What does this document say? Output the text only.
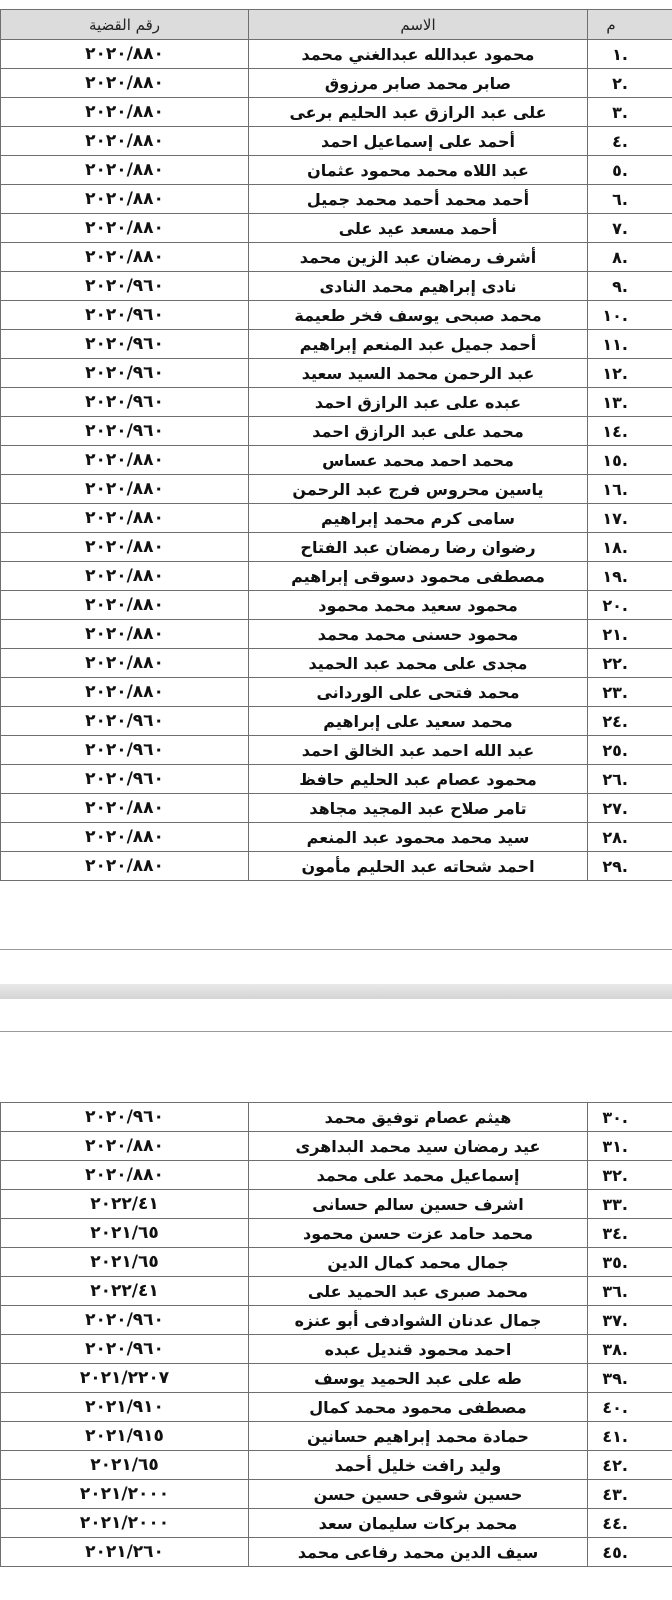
رقم القضية	الاسم	م
٢٠٢٠/٨٨٠	محمود عبدالله عبدالغني محمد	١.
٢٠٢٠/٨٨٠	صابر محمد صابر مرزوق	٢.
٢٠٢٠/٨٨٠	على عبد الرازق عبد الحليم برعى	٣.
٢٠٢٠/٨٨٠	أحمد على إسماعيل احمد	٤.
٢٠٢٠/٨٨٠	عبد اللاه محمد محمود عثمان	٥.
٢٠٢٠/٨٨٠	أحمد محمد أحمد محمد جميل	٦.
٢٠٢٠/٨٨٠	أحمد مسعد عيد على	٧.
٢٠٢٠/٨٨٠	أشرف رمضان عبد الزين محمد	٨.
٢٠٢٠/٩٦٠	نادى إبراهيم محمد النادى	٩.
٢٠٢٠/٩٦٠	محمد صبحى يوسف فخر طعيمة	١٠.
٢٠٢٠/٩٦٠	أحمد جميل عبد المنعم إبراهيم	١١.
٢٠٢٠/٩٦٠	عبد الرحمن محمد السيد سعيد	١٢.
٢٠٢٠/٩٦٠	عبده على عبد الرازق احمد	١٣.
٢٠٢٠/٩٦٠	محمد على عبد الرازق احمد	١٤.
٢٠٢٠/٨٨٠	محمد احمد محمد عساس	١٥.
٢٠٢٠/٨٨٠	ياسين محروس فرج عبد الرحمن	١٦.
٢٠٢٠/٨٨٠	سامى كرم محمد إبراهيم	١٧.
٢٠٢٠/٨٨٠	رضوان رضا رمضان عبد الفتاح	١٨.
٢٠٢٠/٨٨٠	مصطفى محمود دسوقى إبراهيم	١٩.
٢٠٢٠/٨٨٠	محمود سعيد محمد محمود	٢٠.
٢٠٢٠/٨٨٠	محمود حسنى محمد محمد	٢١.
٢٠٢٠/٨٨٠	مجدى على محمد عبد الحميد	٢٢.
٢٠٢٠/٨٨٠	محمد فتحى على الوردانى	٢٣.
٢٠٢٠/٩٦٠	محمد سعيد على إبراهيم	٢٤.
٢٠٢٠/٩٦٠	عبد الله احمد عبد الخالق احمد	٢٥.
٢٠٢٠/٩٦٠	محمود عصام عبد الحليم حافظ	٢٦.
٢٠٢٠/٨٨٠	تامر صلاح عبد المجيد مجاهد	٢٧.
٢٠٢٠/٨٨٠	سيد محمد محمود عبد المنعم	٢٨.
٢٠٢٠/٨٨٠	احمد شحاته عبد الحليم مأمون	٢٩.
٢٠٢٠/٩٦٠	هيثم عصام توفيق محمد	٣٠.
٢٠٢٠/٨٨٠	عيد رمضان سيد محمد البداهرى	٣١.
٢٠٢٠/٨٨٠	إسماعيل محمد على محمد	٣٢.
٢٠٢٢/٤١	اشرف حسين سالم حسانى	٣٣.
٢٠٢١/٦٥	محمد حامد عزت حسن محمود	٣٤.
٢٠٢١/٦٥	جمال محمد كمال الدين	٣٥.
٢٠٢٢/٤١	محمد صبرى عبد الحميد على	٣٦.
٢٠٢٠/٩٦٠	جمال عدنان الشوادفى أبو عنزه	٣٧.
٢٠٢٠/٩٦٠	احمد محمود قنديل عبده	٣٨.
٢٠٢١/٢٢٠٧	طه على عبد الحميد يوسف	٣٩.
٢٠٢١/٩١٠	مصطفى محمود محمد كمال	٤٠.
٢٠٢١/٩١٥	حمادة محمد إبراهيم حسانين	٤١.
٢٠٢١/٦٥	وليد رافت خليل أحمد	٤٢.
٢٠٢١/٢٠٠٠	حسين شوقى حسين حسن	٤٣.
٢٠٢١/٢٠٠٠	محمد بركات سليمان سعد	٤٤.
٢٠٢١/٢٦٠	سيف الدين محمد رفاعى محمد	٤٥.
